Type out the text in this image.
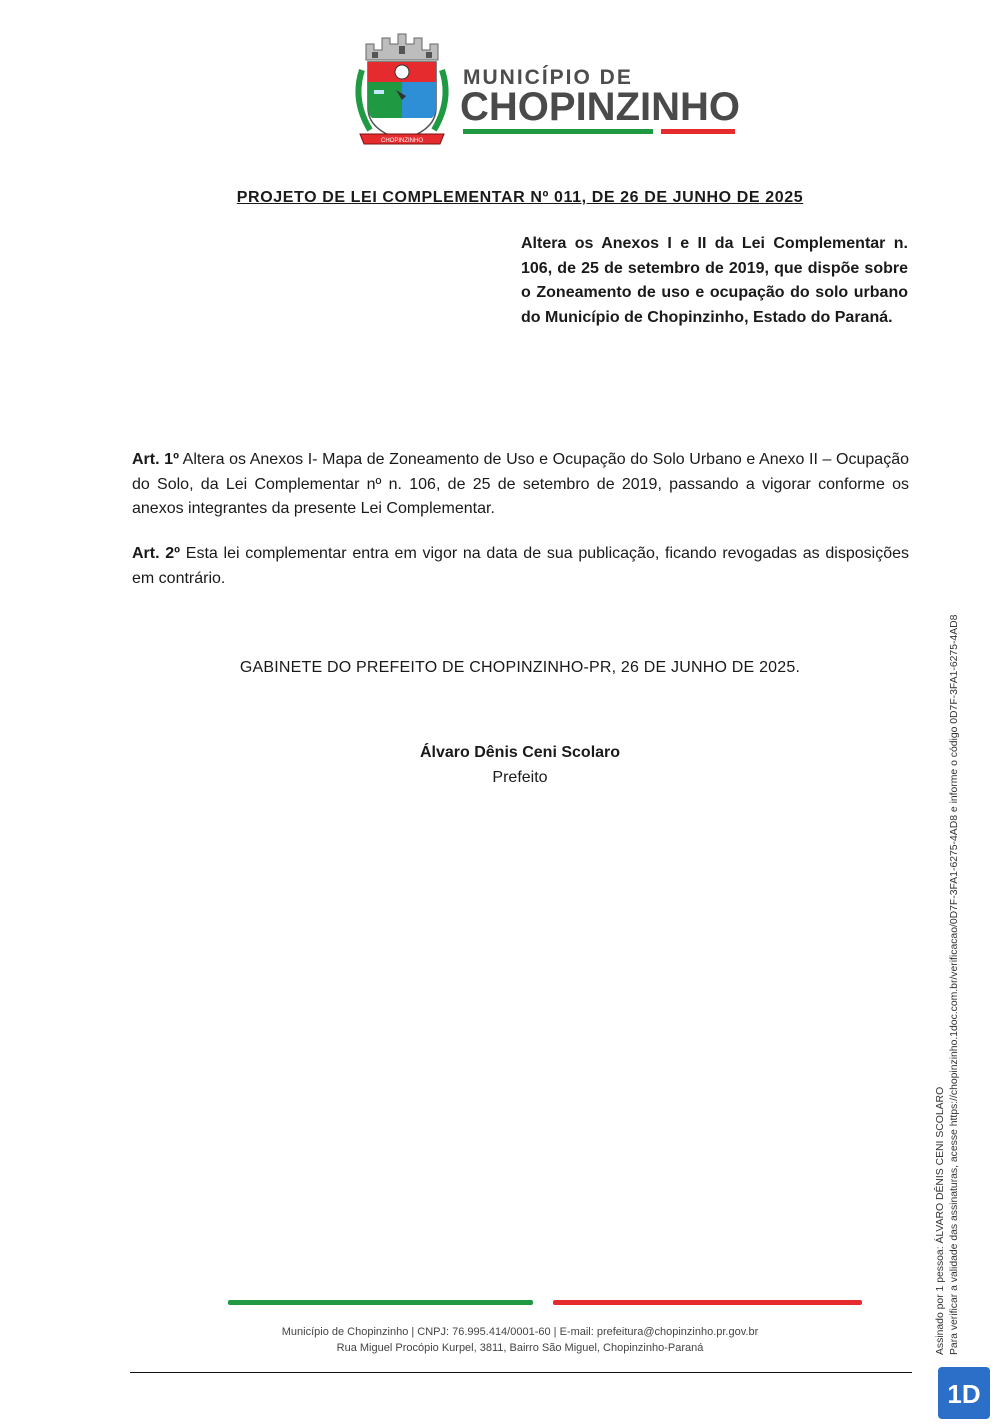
CHOPINZINHO
MUNICÍPIO DE
CHOPINZINHO
PROJETO DE LEI COMPLEMENTAR Nº 011, DE 26 DE JUNHO DE 2025
Altera os Anexos I e II da Lei Complementar n. 106, de 25 de setembro de 2019, que dispõe sobre o Zoneamento de uso e ocupação do solo urbano do Município de Chopinzinho, Estado do Paraná.
Art. 1º Altera os Anexos I- Mapa de Zoneamento de Uso e Ocupação do Solo Urbano e Anexo II – Ocupação do Solo, da Lei Complementar nº n. 106, de 25 de setembro de 2019, passando a vigorar conforme os anexos integrantes da presente Lei Complementar.
Art. 2º Esta lei complementar entra em vigor na data de sua publicação, ficando revogadas as disposições em contrário.
GABINETE DO PREFEITO DE CHOPINZINHO-PR, 26 DE JUNHO DE 2025.
Álvaro Dênis Ceni Scolaro
Prefeito
Assinado por 1 pessoa: ÁLVARO DÊNIS CENI SCOLARO Para verificar a validade das assinaturas, acesse https://chopinzinho.1doc.com.br/verificacao/0D7F-3FA1-6275-4AD8 e informe o código 0D7F-3FA1-6275-4AD8
Município de Chopinzinho | CNPJ: 76.995.414/0001-60 | E-mail: prefeitura@chopinzinho.pr.gov.br
Rua Miguel Procópio Kurpel, 3811, Bairro São Miguel, Chopinzinho-Paraná
1D
